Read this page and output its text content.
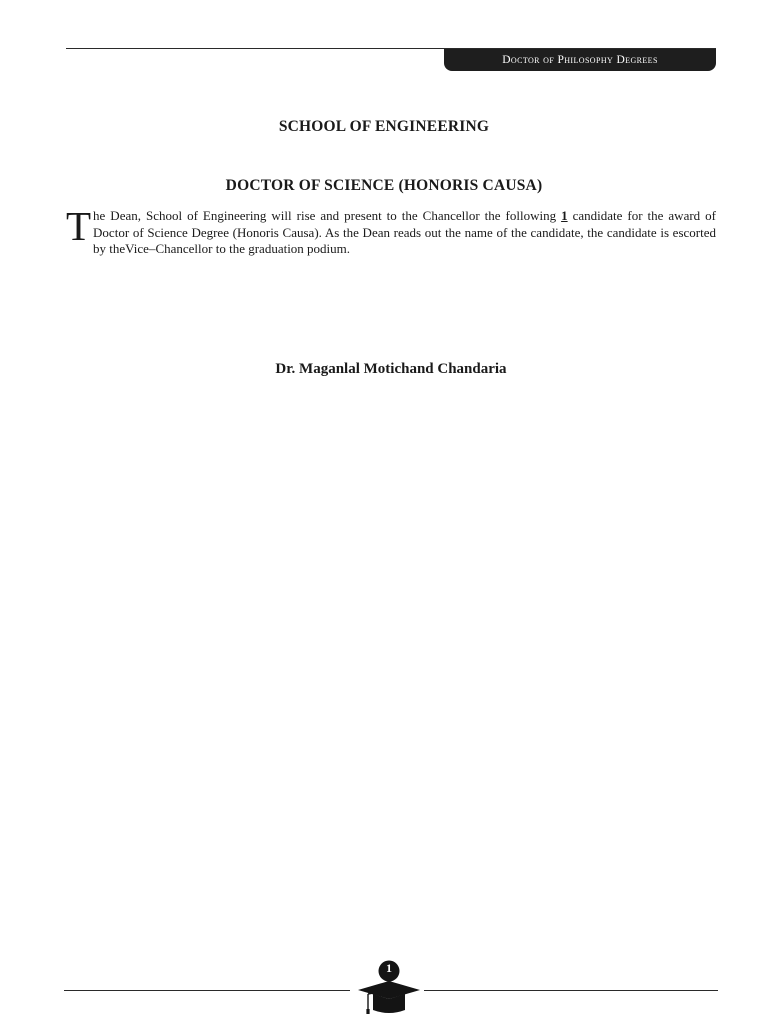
Doctor of Philosophy Degrees
SCHOOL OF ENGINEERING
DOCTOR OF SCIENCE (HONORIS CAUSA)

The Dean, School of Engineering will rise and present to the Chancellor the following 1 candidate for the award of Doctor of Science Degree (Honoris Causa). As the Dean reads out the name of the candidate, the candidate is escorted by theVice–Chancellor to the graduation podium.

Dr. Maganlal Motichand Chandaria
1
